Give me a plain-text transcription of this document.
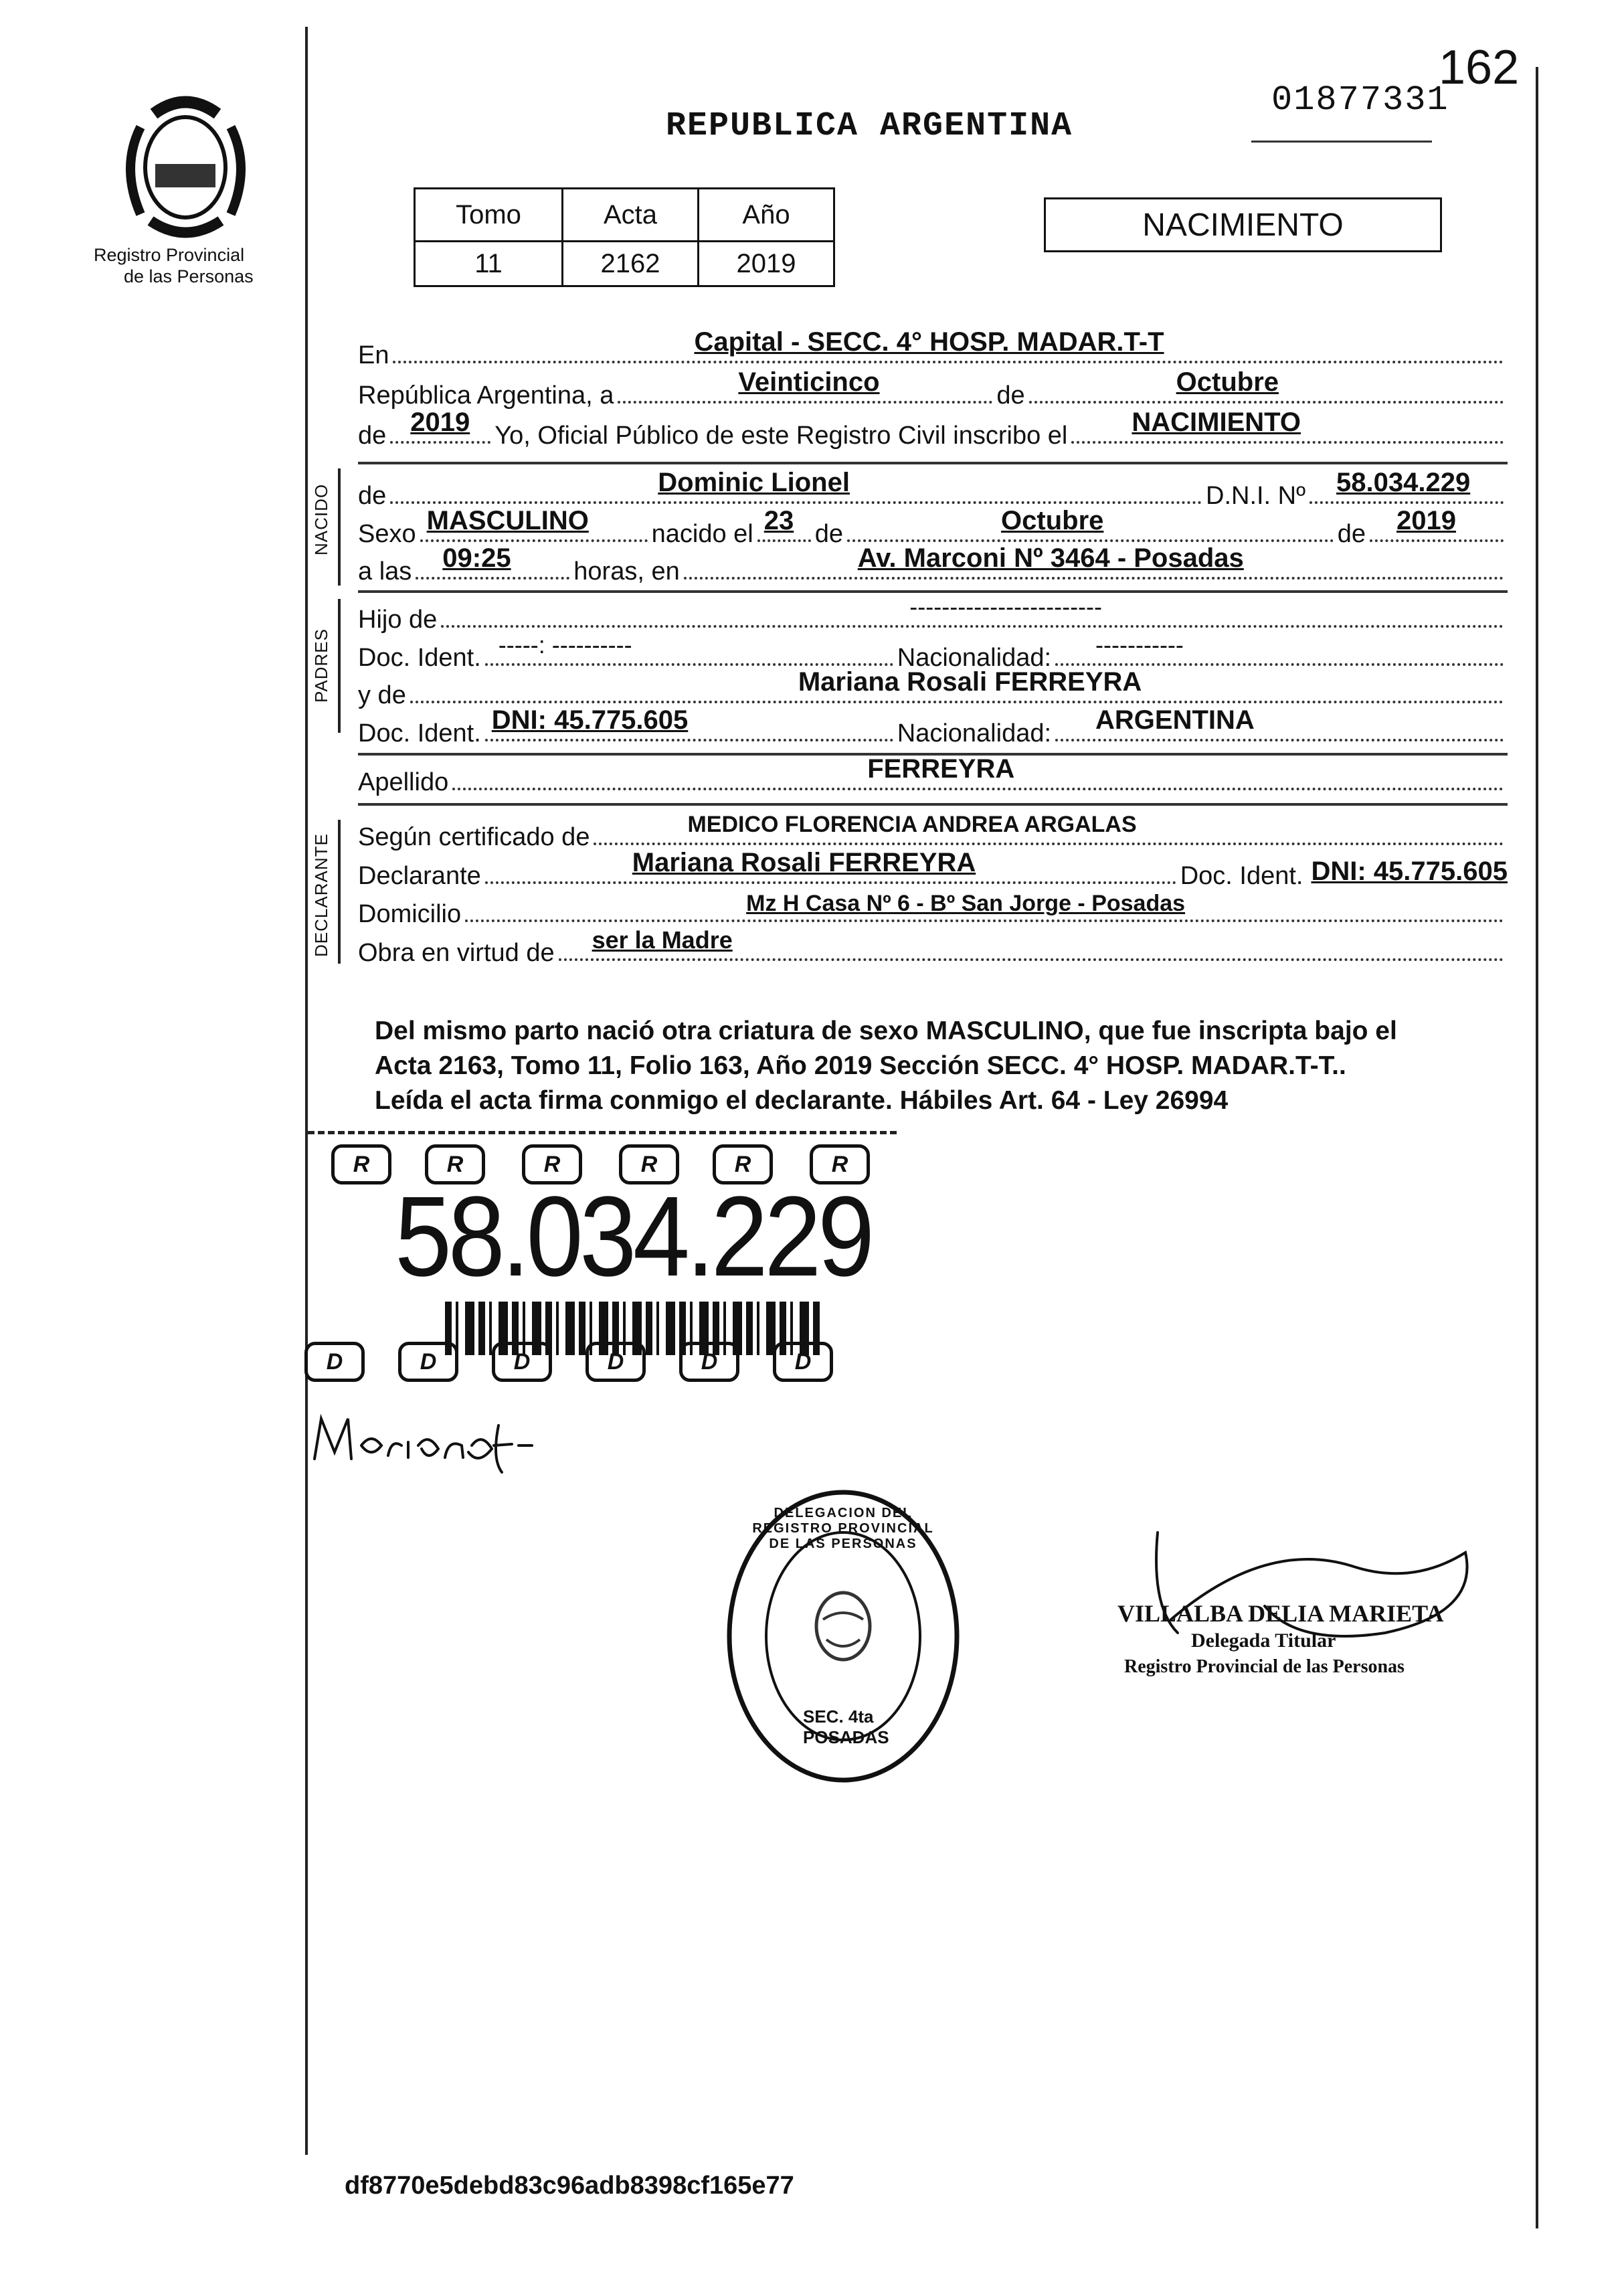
162
01877331
Registro Provincial
de las Personas
REPUBLICA ARGENTINA
Tomo	Acta	Año
11	2162	2019
NACIMIENTO
En	Capital - SECC. 4° HOSP. MADAR.T-T
República Argentina, a	Veinticinco	de	Octubre
de 2019 Yo, Oficial Público de este Registro Civil inscribo el	NACIMIENTO
NACIDO de	Dominic Lionel	D.N.I. Nº	58.034.229
Sexo MASCULINO	nacido el 23 de	Octubre	de	2019
a las	09:25	horas, en	Av. Marconi Nº 3464 - Posadas
PADRES
Hijo de	------------------------
Doc. Ident. -----: ----------	Nacionalidad: -----------
y de	Mariana Rosali FERREYRA
Doc. Ident. DNI: 45.775.605	Nacionalidad:	ARGENTINA
Apellido	FERREYRA
DECLARANTE Según certificado de	MEDICO FLORENCIA ANDREA ARGALAS
Declarante	Mariana Rosali FERREYRA	Doc. Ident. DNI: 45.775.605
Domicilio	Mz H Casa Nº 6 - Bº San Jorge - Posadas
Obra en virtud de	ser la Madre
Del mismo parto nació otra criatura de sexo MASCULINO, que fue inscripta bajo el
Acta 2163, Tomo 11, Folio 163, Año 2019 Sección SECC. 4° HOSP. MADAR.T-T..
Leída el acta firma conmigo el declarante. Hábiles Art. 64 - Ley 26994
R	R	R	R	R	R
58.034.229
D	D	D	D	D	D
SEC. 4ta POSADAS
DELEGACION DEL REGISTRO PROVINCIAL DE LAS PERSONAS
VILLALBA DELIA MARIETA
Delegada Titular
Registro Provincial de las Personas
df8770e5debd83c96adb8398cf165e77
